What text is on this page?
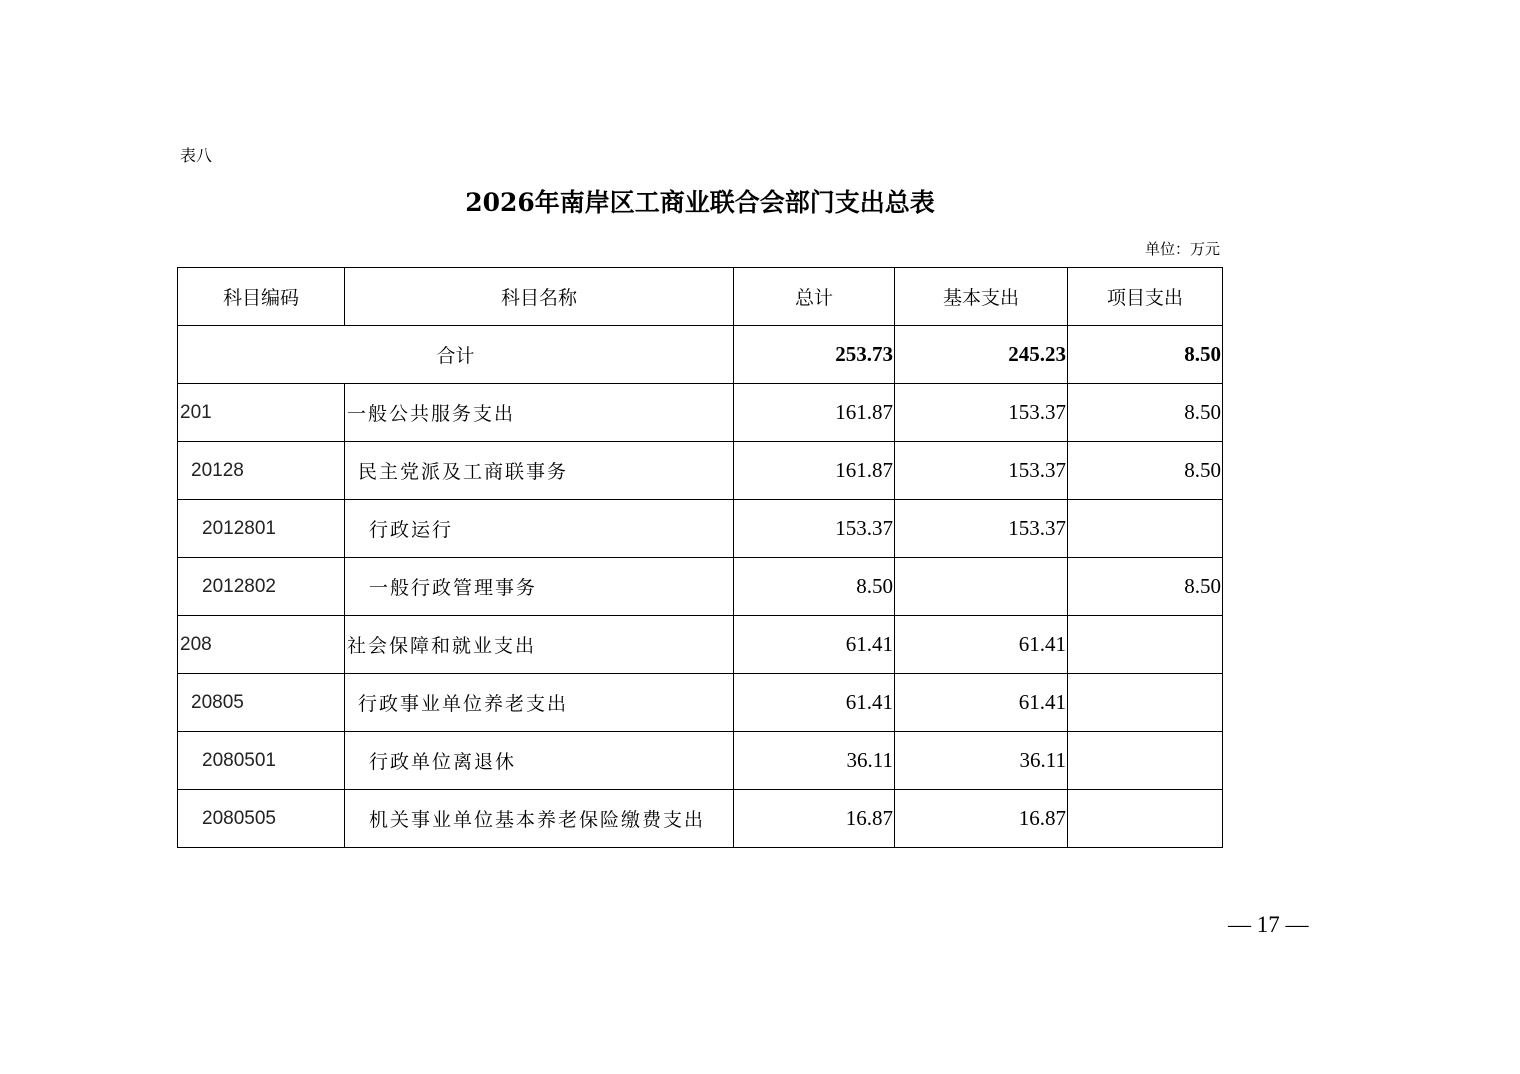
表八
2026年南岸区工商业联合会部门支出总表
单位：万元
科目编码	科目名称	总计	基本支出	项目支出
合计		253.73	245.23	8.50
201	一般公共服务支出	161.87	153.37	8.50
20128	民主党派及工商联事务	161.87	153.37	8.50
2012801	行政运行	153.37	153.37	
2012802	一般行政管理事务	8.50		8.50
208	社会保障和就业支出	61.41	61.41	
20805	行政事业单位养老支出	61.41	61.41	
2080501	行政单位离退休	36.11	36.11	
2080505	机关事业单位基本养老保险缴费支出	16.87	16.87	
— 17 —
